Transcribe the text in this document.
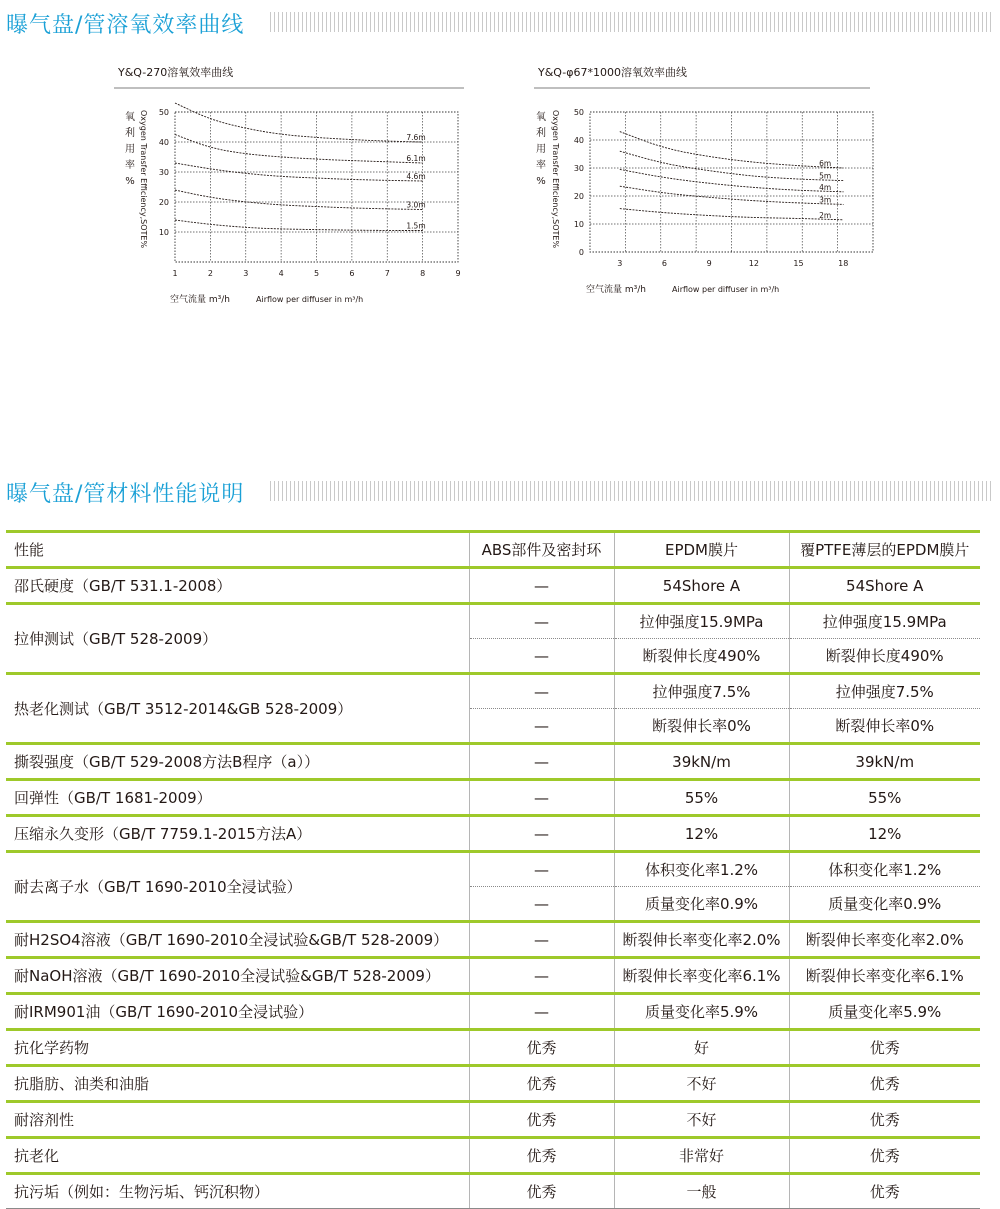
曝气盘/管溶氧效率曲线
Y&Q-270溶氧效率曲线
10
20
30
40
50
1	2	3	4	5	6	7	8	9
7.6m
6.1m
4.6m
3.0m
1.5m
氧
利
用
率
% Oxygen Transfer Efficiency,SOTE%
空气流量 m³/h	Airflow per diffuser in m³/h
Y&Q-φ67*1000溶氧效率曲线
0
10
20
30
40
50
3	6	9	12	15	18
6m
5m
4m
3m
2m
氧
利
用
率
% Oxygen Transfer Efficiency,SOTE%
空气流量 m³/h	Airflow per diffuser in m³/h
曝气盘/管材料性能说明
性能	ABS部件及密封环	EPDM膜片	覆PTFE薄层的EPDM膜片
邵氏硬度（GB/T 531.1-2008）	—	54Shore A	54Shore A
拉伸测试（GB/T 528-2009）	—	拉伸强度15.9MPa	拉伸强度15.9MPa
	—	断裂伸长度490%	断裂伸长度490%
热老化测试（GB/T 3512-2014&GB 528-2009）	—	拉伸强度7.5%	拉伸强度7.5%
	—	断裂伸长率0%	断裂伸长率0%
撕裂强度（GB/T 529-2008方法B程序（a））	—	39kN/m	39kN/m
回弹性（GB/T 1681-2009）	—	55%	55%
压缩永久变形（GB/T 7759.1-2015方法A）	—	12%	12%
耐去离子水（GB/T 1690-2010全浸试验）	—	体积变化率1.2%	体积变化率1.2%
	—	质量变化率0.9%	质量变化率0.9%
耐H2SO4溶液（GB/T 1690-2010全浸试验&GB/T 528-2009）	—	断裂伸长率变化率2.0%	断裂伸长率变化率2.0%
耐NaOH溶液（GB/T 1690-2010全浸试验&GB/T 528-2009）	—	断裂伸长率变化率6.1%	断裂伸长率变化率6.1%
耐IRM901油（GB/T 1690-2010全浸试验）	—	质量变化率5.9%	质量变化率5.9%
抗化学药物	优秀	好	优秀
抗脂肪、油类和油脂	优秀	不好	优秀
耐溶剂性	优秀	不好	优秀
抗老化	优秀	非常好	优秀
抗污垢（例如：生物污垢、钙沉积物）	优秀	一般	优秀
